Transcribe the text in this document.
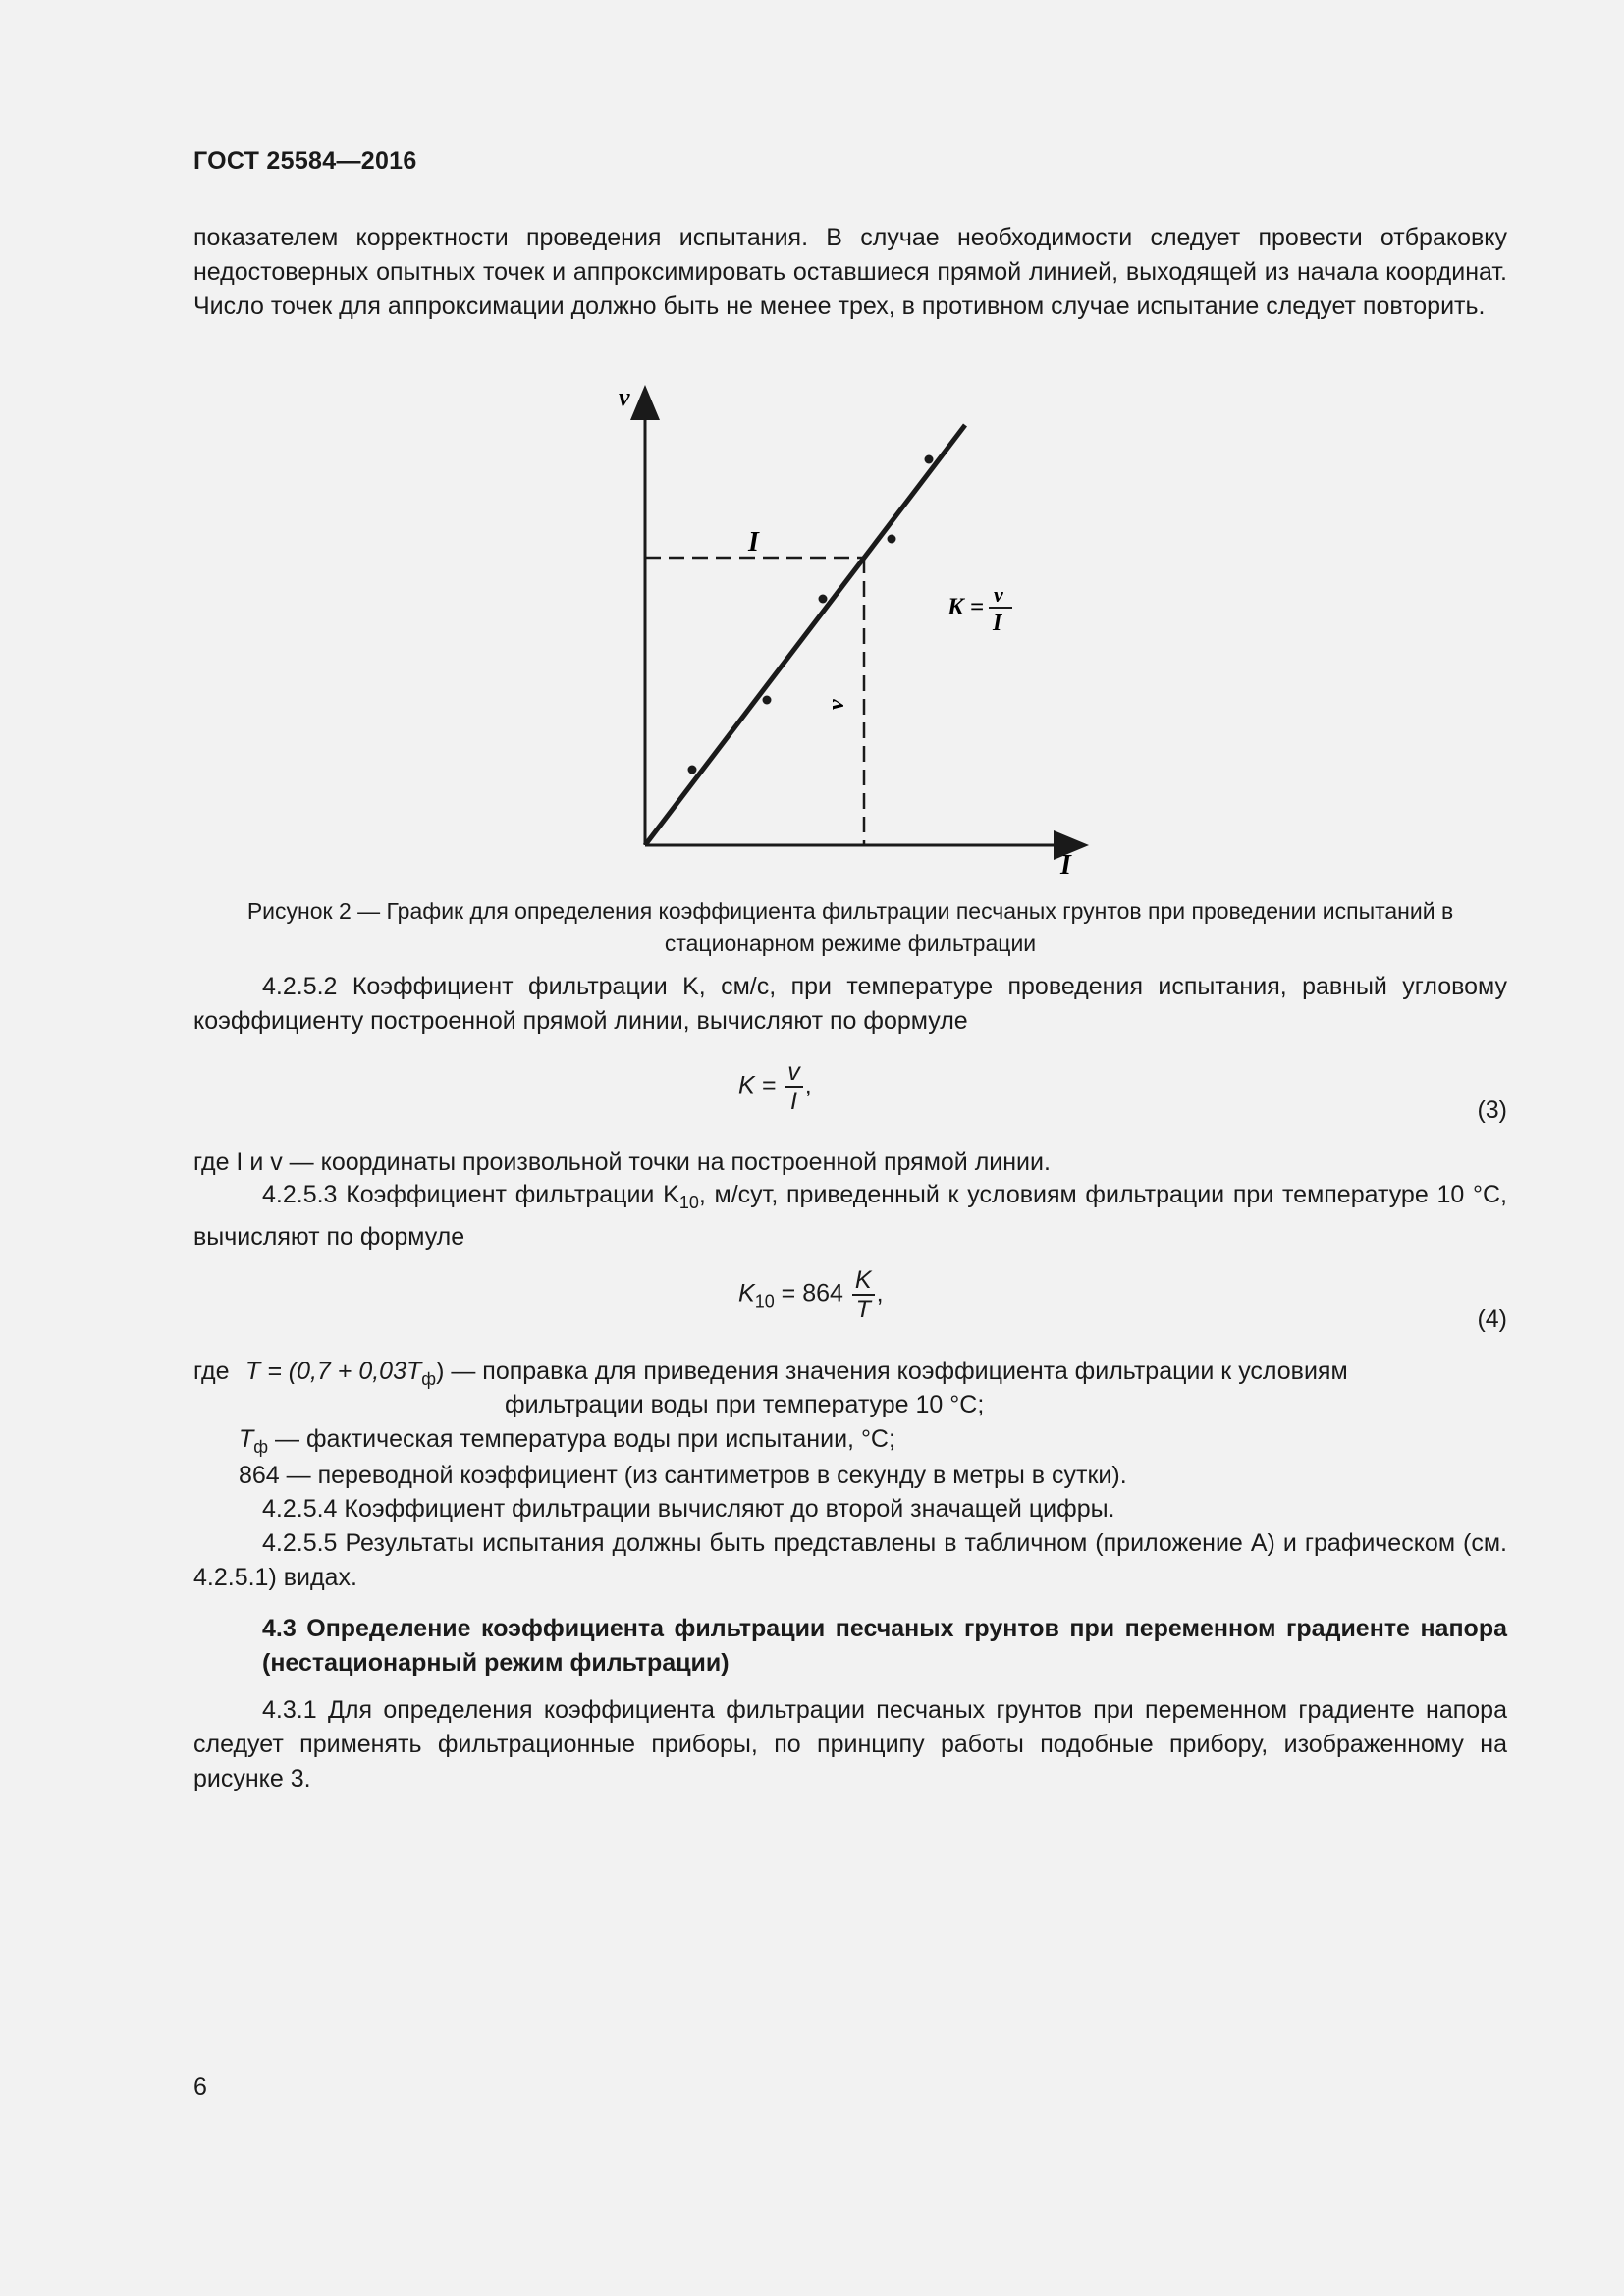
ГОСТ 25584—2016
показателем корректности проведения испытания. В случае необходимости следует провести отбраковку недостоверных опытных точек и аппроксимировать оставшиеся прямой линией, выходящей из начала координат. Число точек для аппроксимации должно быть не менее трех, в противном случае испытание следует повторить.
v
I
I
v
K = v
I
Рисунок 2 — График для определения коэффициента фильтрации песчаных грунтов при проведении испытаний в стационарном режиме фильтрации
4.2.5.2 Коэффициент фильтрации K, см/с, при температуре проведения испытания, равный угловому коэффициенту построенной прямой линии, вычисляют по формуле
$K = \frac{v}{I}$ ,
(3)
где I и v — координаты произвольной точки на построенной прямой линии.
4.2.5.3 Коэффициент фильтрации $K_{10}$, м/сут, приведенный к условиям фильтрации при температуре 10 °С, вычисляют по формуле
$K_{10} = 864 \frac{K}{T}$ ,
(4)
где $T = (0,7 + 0,03T_ф)$ — поправка для приведения значения коэффициента фильтрации к условиям
фильтрации воды при температуре 10 °С;
$T_ф$ — фактическая температура воды при испытании, °С;
864 — переводной коэффициент (из сантиметров в секунду в метры в сутки).
4.2.5.4 Коэффициент фильтрации вычисляют до второй значащей цифры.
4.2.5.5 Результаты испытания должны быть представлены в табличном (приложение А) и графическом (см. 4.2.5.1) видах.
4.3 Определение коэффициента фильтрации песчаных грунтов при переменном градиенте напора (нестационарный режим фильтрации)
4.3.1 Для определения коэффициента фильтрации песчаных грунтов при переменном градиенте напора следует применять фильтрационные приборы, по принципу работы подобные прибору, изображенному на рисунке 3.
6
